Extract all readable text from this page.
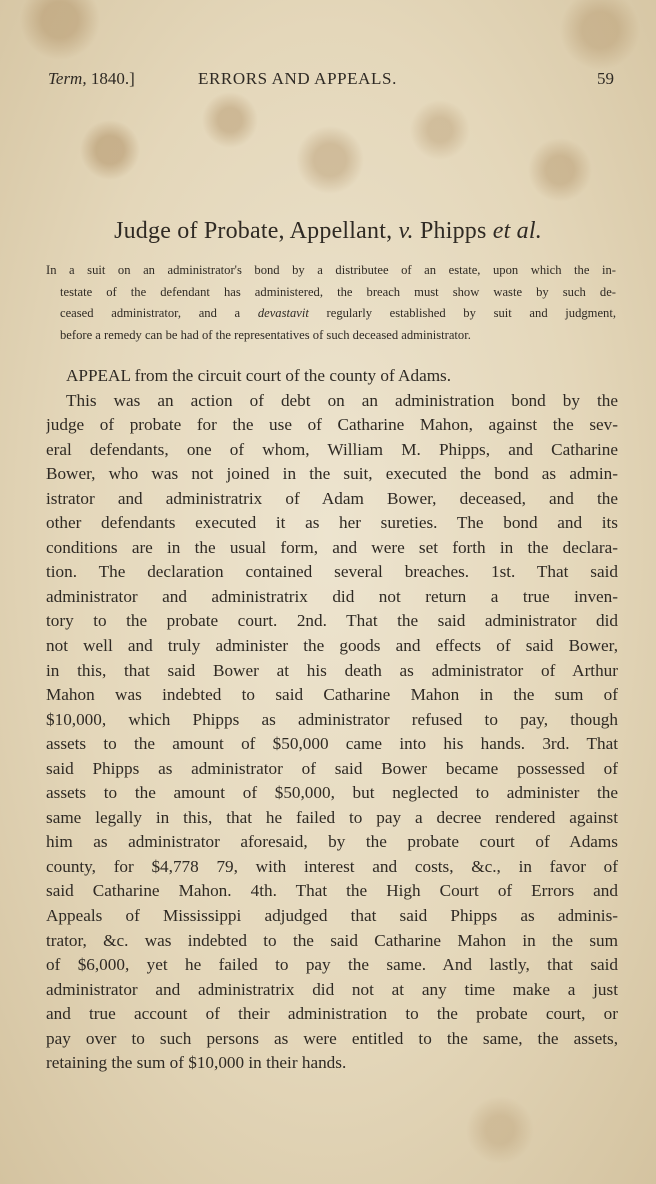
Term, 1840.]	ERRORS AND APPEALS.	59
Judge of Probate, Appellant, v. Phipps et al.
In a suit on an administrator's bond by a distributee of an estate, upon which the in-
testate of the defendant has administered, the breach must show waste by such de-
ceased administrator, and a devastavit regularly established by suit and judgment,
before a remedy can be had of the representatives of such deceased administrator.
APPEAL from the circuit court of the county of Adams.
This was an action of debt on an administration bond by the
judge of probate for the use of Catharine Mahon, against the sev-
eral defendants, one of whom, William M. Phipps, and Catharine
Bower, who was not joined in the suit, executed the bond as admin-
istrator and administratrix of Adam Bower, deceased, and the
other defendants executed it as her sureties. The bond and its
conditions are in the usual form, and were set forth in the declara-
tion. The declaration contained several breaches. 1st. That said
administrator and administratrix did not return a true inven-
tory to the probate court. 2nd. That the said administrator did
not well and truly administer the goods and effects of said Bower,
in this, that said Bower at his death as administrator of Arthur
Mahon was indebted to said Catharine Mahon in the sum of
$10,000, which Phipps as administrator refused to pay, though
assets to the amount of $50,000 came into his hands. 3rd. That
said Phipps as administrator of said Bower became possessed of
assets to the amount of $50,000, but neglected to administer the
same legally in this, that he failed to pay a decree rendered against
him as administrator aforesaid, by the probate court of Adams
county, for $4,778 79, with interest and costs, &c., in favor of
said Catharine Mahon. 4th. That the High Court of Errors and
Appeals of Mississippi adjudged that said Phipps as adminis-
trator, &c. was indebted to the said Catharine Mahon in the sum
of $6,000, yet he failed to pay the same. And lastly, that said
administrator and administratrix did not at any time make a just
and true account of their administration to the probate court, or
pay over to such persons as were entitled to the same, the assets,
retaining the sum of $10,000 in their hands.
